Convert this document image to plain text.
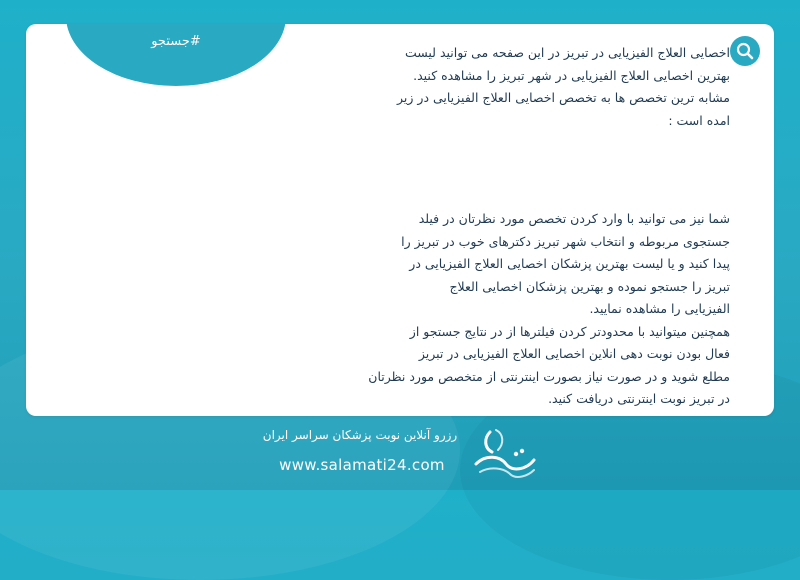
#جستجو

اخصایی العلاج الفیزیایی در تبریز در این صفحه می توانید لیست

بهترین اخصایی العلاج الفیزیایی در شهر تبریز را مشاهده کنید.

مشابه ترین تخصص ها به تخصص اخصایی العلاج الفیزیایی در زیر

امده است :

شما نیز می توانید با وارد کردن تخصص مورد نظرتان در فیلد

جستجوی مربوطه و انتخاب شهر تبریز دکترهای خوب در تبریز را

پیدا کنید و یا لیست بهترین پزشکان اخصایی العلاج الفیزیایی در

تبریز را جستجو نموده و بهترین پزشکان اخصایی العلاج

الفیزیایی را مشاهده نمایید.

همچنین میتوانید با محدودتر کردن فیلترها از در نتایج جستجو از

فعال بودن نوبت دهی انلاین اخصایی العلاج الفیزیایی در تبریز

مطلع شوید و در صورت نیاز بصورت اینترنتی از متخصص مورد نظرتان

در تبریز نوبت اینترنتی دریافت کنید.

رزرو آنلاین نوبت پزشکان سراسر ایران
www.salamati24.com
